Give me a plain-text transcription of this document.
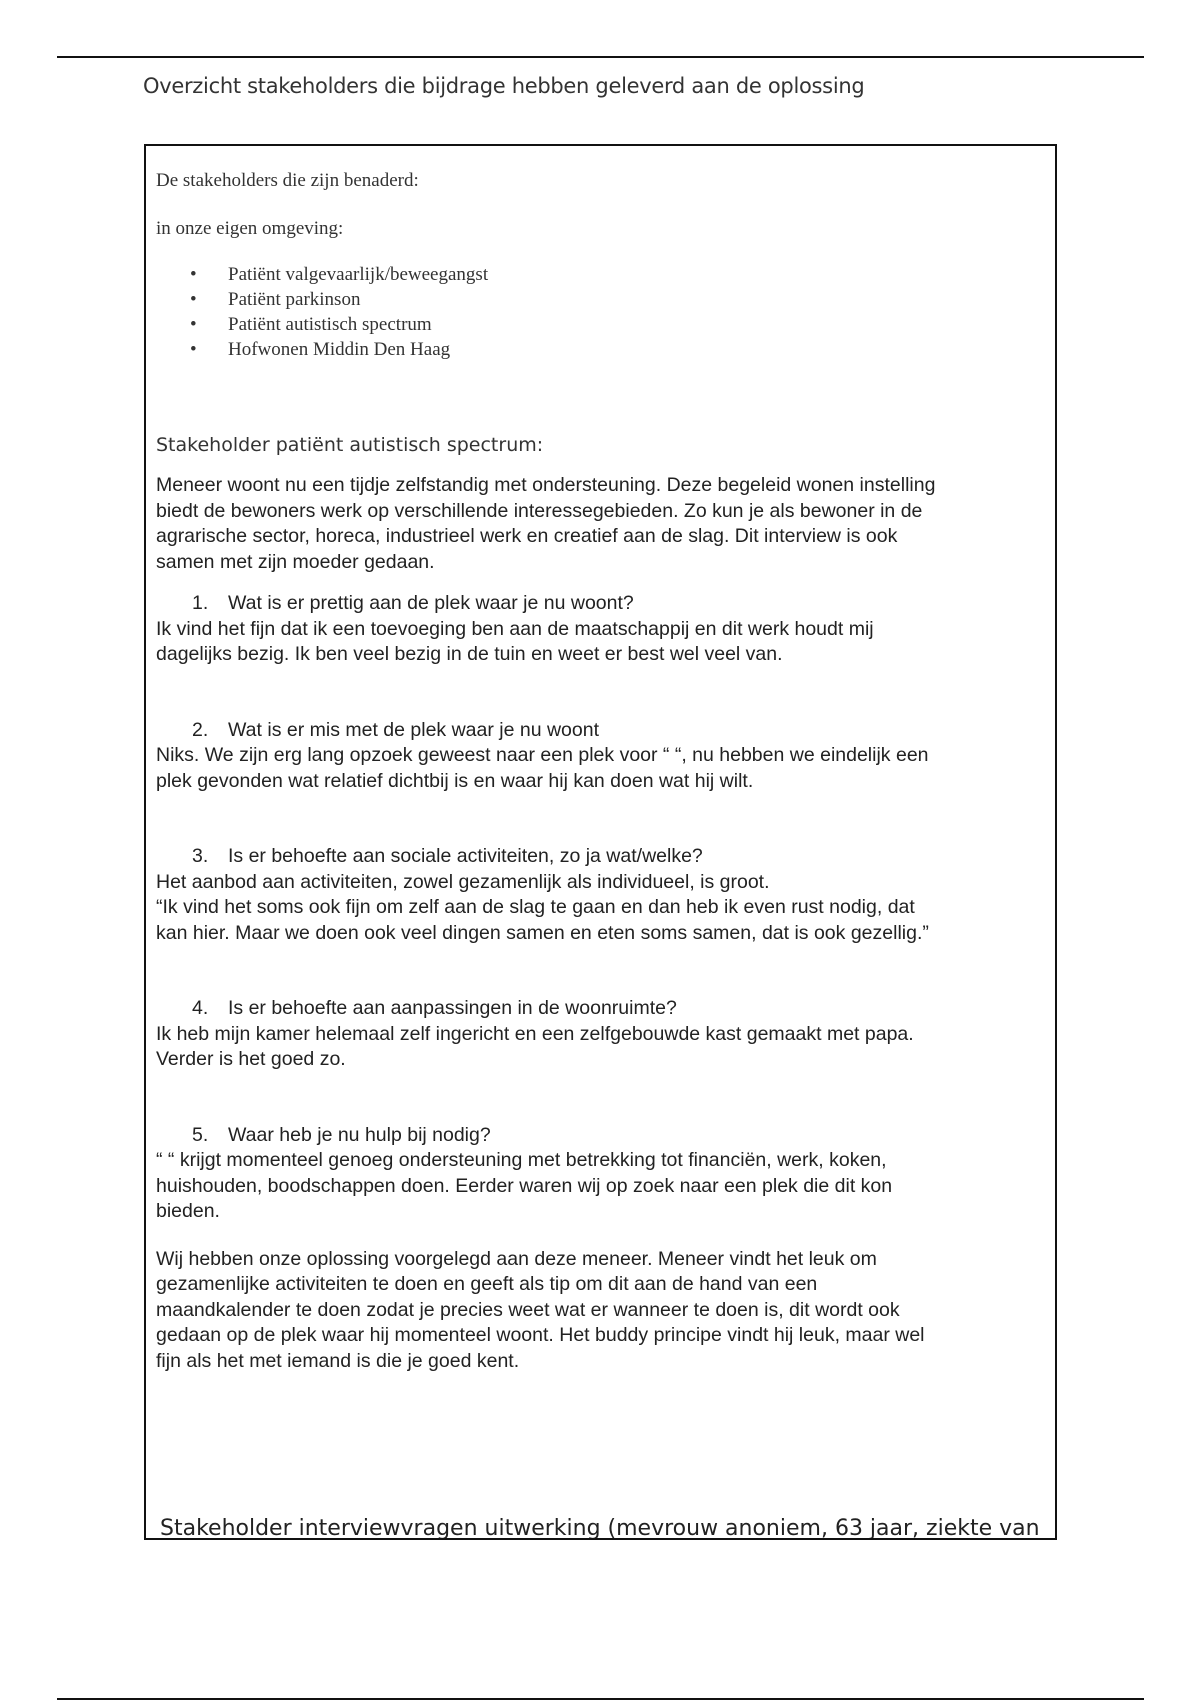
Overzicht stakeholders die bijdrage hebben geleverd aan de oplossing

De stakeholders die zijn benaderd:

in onze eigen omgeving:

• Patiënt valgevaarlijk/beweegangst
• Patiënt parkinson
• Patiënt autistisch spectrum
• Hofwonen Middin Den Haag

Stakeholder patiënt autistisch spectrum:

Meneer woont nu een tijdje zelfstandig met ondersteuning. Deze begeleid wonen instelling

biedt de bewoners werk op verschillende interessegebieden. Zo kun je als bewoner in de

agrarische sector, horeca, industrieel werk en creatief aan de slag. Dit interview is ook

samen met zijn moeder gedaan.

1. Wat is er prettig aan de plek waar je nu woont?

Ik vind het fijn dat ik een toevoeging ben aan de maatschappij en dit werk houdt mij

dagelijks bezig. Ik ben veel bezig in de tuin en weet er best wel veel van.

2. Wat is er mis met de plek waar je nu woont

Niks. We zijn erg lang opzoek geweest naar een plek voor “ “, nu hebben we eindelijk een

plek gevonden wat relatief dichtbij is en waar hij kan doen wat hij wilt.

3. Is er behoefte aan sociale activiteiten, zo ja wat/welke?

Het aanbod aan activiteiten, zowel gezamenlijk als individueel, is groot.

“Ik vind het soms ook fijn om zelf aan de slag te gaan en dan heb ik even rust nodig, dat

kan hier. Maar we doen ook veel dingen samen en eten soms samen, dat is ook gezellig.”

4. Is er behoefte aan aanpassingen in de woonruimte?

Ik heb mijn kamer helemaal zelf ingericht en een zelfgebouwde kast gemaakt met papa.

Verder is het goed zo.

5. Waar heb je nu hulp bij nodig?

“ “ krijgt momenteel genoeg ondersteuning met betrekking tot financiën, werk, koken,

huishouden, boodschappen doen. Eerder waren wij op zoek naar een plek die dit kon

bieden.

Wij hebben onze oplossing voorgelegd aan deze meneer. Meneer vindt het leuk om

gezamenlijke activiteiten te doen en geeft als tip om dit aan de hand van een

maandkalender te doen zodat je precies weet wat er wanneer te doen is, dit wordt ook

gedaan op de plek waar hij momenteel woont. Het buddy principe vindt hij leuk, maar wel

fijn als het met iemand is die je goed kent.

Stakeholder interviewvragen uitwerking (mevrouw anoniem, 63 jaar, ziekte van
